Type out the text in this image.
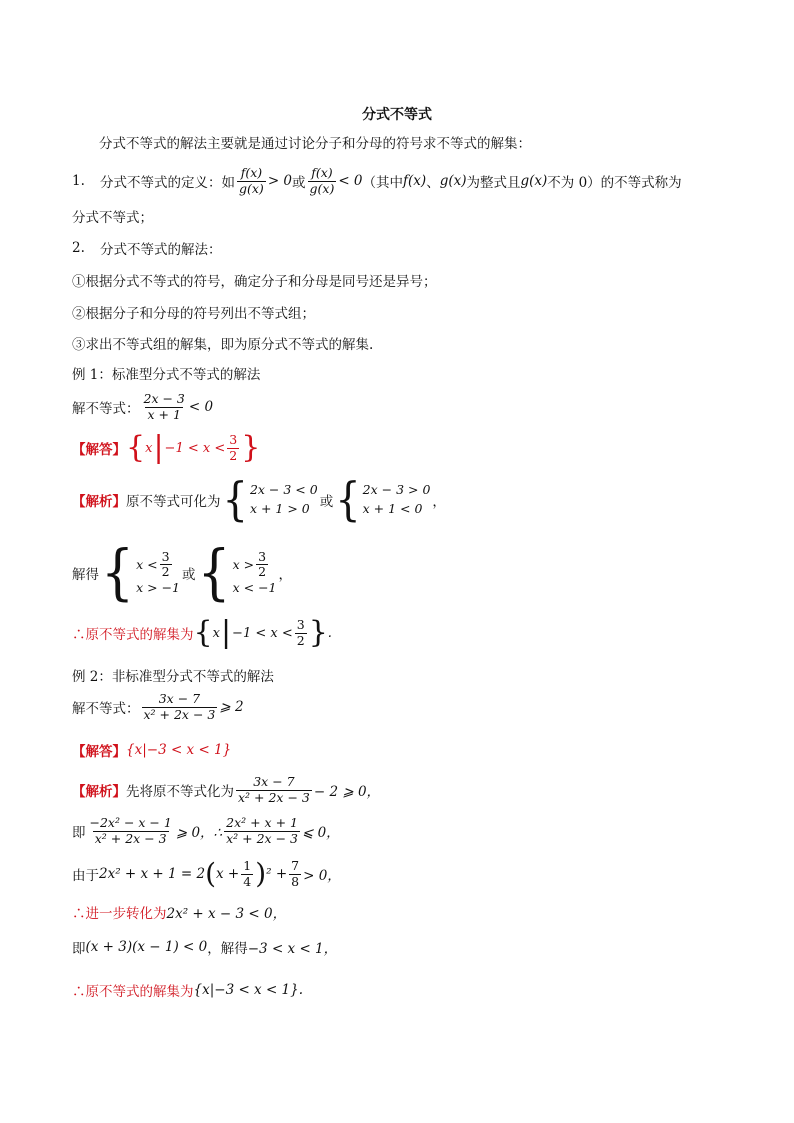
分式不等式
分式不等式的解法主要就是通过讨论分子和分母的符号求不等式的解集：
1.	分式不等式的定义：如 $\frac{f(x)}{g(x)} > 0$ 或 $\frac{f(x)}{g(x)} < 0$ （其中 f(x) 、 g(x) 为整式且 g(x) 不为 0）的不等式称为
分式不等式；
2.	分式不等式的解法：
①根据分式不等式的符号，确定分子和分母是同号还是异号；
②根据分子和分母的符号列出不等式组；
③求出不等式组的解集，即为原分式不等式的解集.
例 1：标准型分式不等式的解法
解不等式： $\frac{2x - 3}{x + 1} < 0$
【解答】 { x | $-1 < x < \frac{3}{2}$ }
【解析】 原不等式可化为 { 2x − 3 < 0
x + 1 > 0 或 { 2x − 3 > 0
x + 1 < 0 ，
解得 { $x < \frac{3}{2}$
x > −1
或 { $x > \frac{3}{2}$
x < −1
，
∴原不等式的解集为 { x | $-1 < x < \frac{3}{2}$ } .
例 2：非标准型分式不等式的解法
解不等式： $\frac{3x - 7}{\text{x² + 2x − 3}}$ ⩾ 2
【解答】 {x|−3 < x < 1}
【解析】 先将原不等式化为 $\frac{3x - 7}{\text{x² + 2x − 3}} - 2$ ⩾ 0，
即 $\frac{\text{−2x² − x − 1}}{\text{x² + 2x − 3}}$ ⩾ 0，∴ $\frac{\text{2x² + x + 1}}{\text{x² + 2x − 3}}$ ⩽ 0，
由于 2x² + x + 1 = 2 ( $x + \frac{1}{4}$ ) $^2 + \frac{7}{8} > 0$，
∴进一步转化为 2x² + x − 3 < 0，
即 (x + 3)(x − 1) < 0 ，解得 −3 < x < 1，
∴原不等式的解集为 {x|−3 < x < 1}.
